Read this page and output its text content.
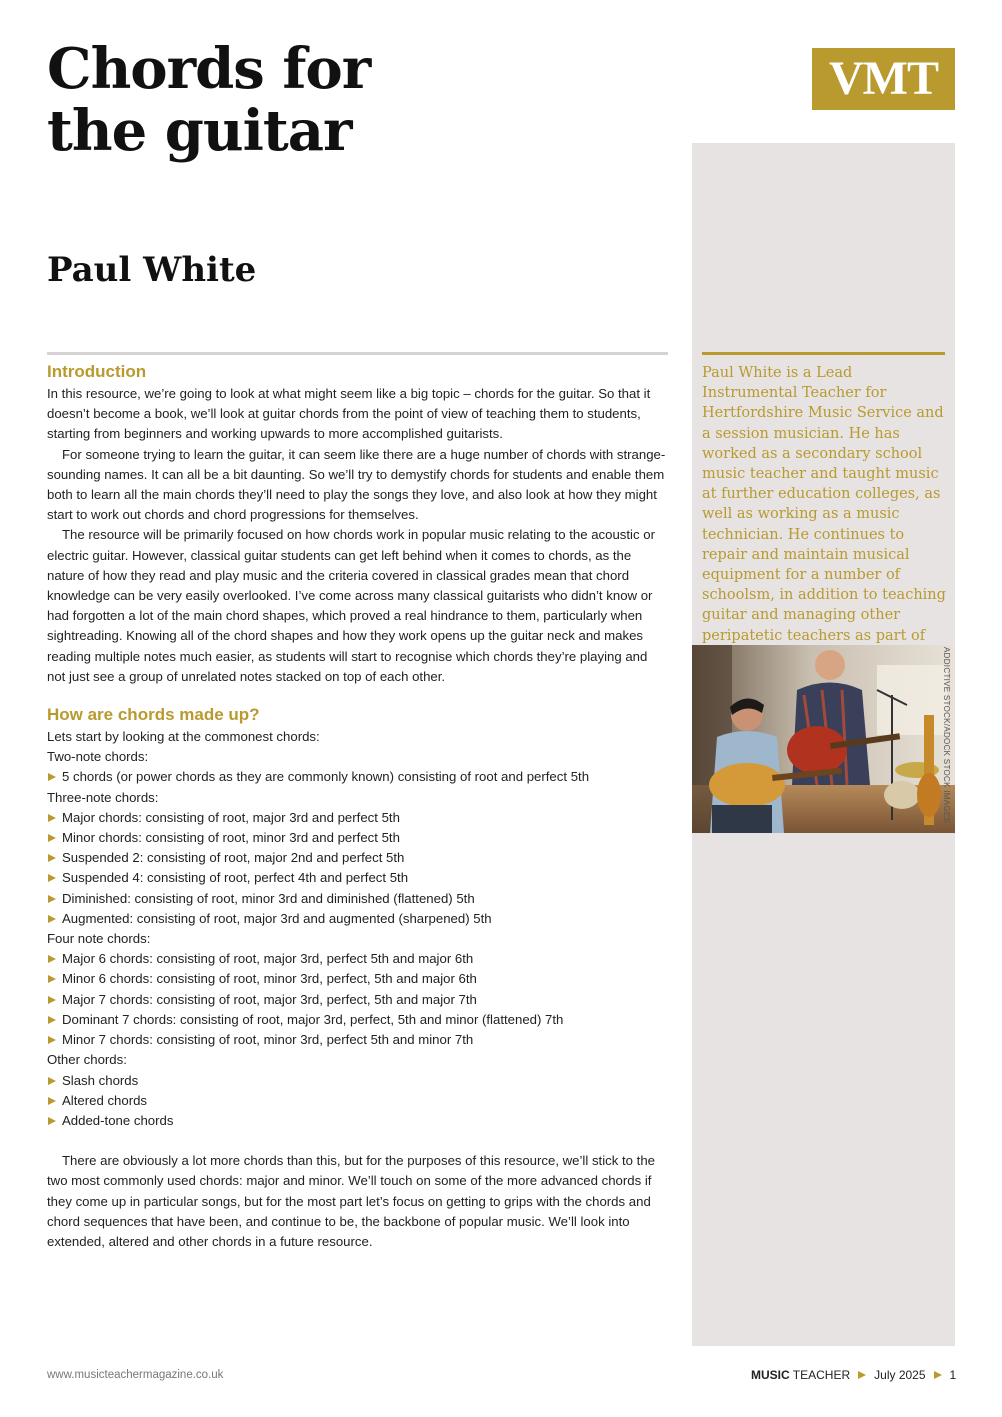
Chords for
the guitar
Paul White
VMT

Paul White is a Lead Instrumental Teacher for Hertfordshire Music Service and a session musician. He has worked as a secondary school music teacher and taught music at further education colleges, as well as working as a music technician. He continues to repair and maintain musical equipment for a number of schoolsm, in addition to teaching guitar and managing other peripatetic teachers as part of

ADDICTIVE STOCK/ADOCK STOCK IMAGES
Introduction

In this resource, we’re going to look at what might seem like a big topic – chords for the guitar. So that it doesn’t become a book, we’ll look at guitar chords from the point of view of teaching them to students, starting from beginners and working upwards to more accomplished guitarists.

For someone trying to learn the guitar, it can seem like there are a huge number of chords with strange-sounding names. It can all be a bit daunting. So we’ll try to demystify chords for students and enable them both to learn all the main chords they’ll need to play the songs they love, and also look at how they might start to work out chords and chord progressions for themselves.

The resource will be primarily focused on how chords work in popular music relating to the acoustic or electric guitar. However, classical guitar students can get left behind when it comes to chords, as the nature of how they read and play music and the criteria covered in classical grades mean that chord knowledge can be very easily overlooked. I’ve come across many classical guitarists who didn’t know or had forgotten a lot of the main chord shapes, which proved a real hindrance to them, particularly when sightreading. Knowing all of the chord shapes and how they work opens up the guitar neck and makes reading multiple notes much easier, as students will start to recognise which chords they’re playing and not just see a group of unrelated notes stacked on top of each other.

How are chords made up?

Lets start by looking at the commonest chords:

Two-note chords:

5 chords (or power chords as they are commonly known) consisting of root and perfect 5th

Three-note chords:

Major chords: consisting of root, major 3rd and perfect 5th
Minor chords: consisting of root, minor 3rd and perfect 5th
Suspended 2: consisting of root, major 2nd and perfect 5th
Suspended 4: consisting of root, perfect 4th and perfect 5th
Diminished: consisting of root, minor 3rd and diminished (flattened) 5th
Augmented: consisting of root, major 3rd and augmented (sharpened) 5th

Four note chords:

Major 6 chords: consisting of root, major 3rd, perfect 5th and major 6th
Minor 6 chords: consisting of root, minor 3rd, perfect, 5th and major 6th
Major 7 chords: consisting of root, major 3rd, perfect, 5th and major 7th
Dominant 7 chords: consisting of root, major 3rd, perfect, 5th and minor (flattened) 7th
Minor 7 chords: consisting of root, minor 3rd, perfect 5th and minor 7th

Other chords:

Slash chords
Altered chords
Added-tone chords

There are obviously a lot more chords than this, but for the purposes of this resource, we’ll stick to the two most commonly used chords: major and minor. We’ll touch on some of the more advanced chords if they come up in particular songs, but for the most part let’s focus on getting to grips with the chords and chord sequences that have been, and continue to be, the backbone of popular music. We’ll look into extended, altered and other chords in a future resource.

www.musicteachermagazine.co.uk	MUSIC TEACHER July 2025 1
